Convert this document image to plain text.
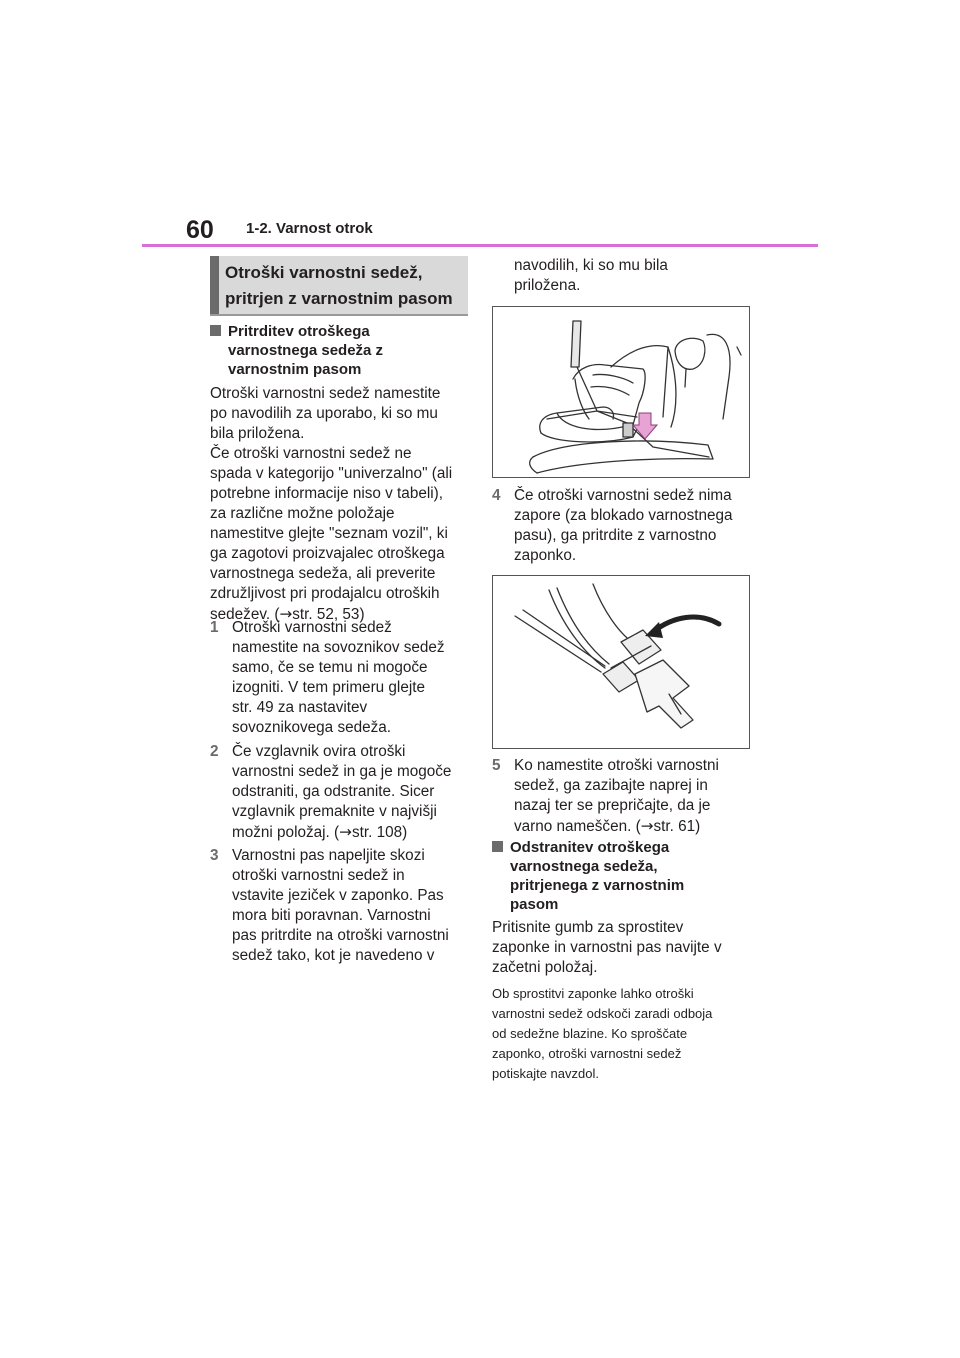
60 1-2. Varnost otrok
Otroški varnostni sedež,
pritrjen z varnostnim pasom
Pritrditev otroškega
varnostnega sedeža z
varnostnim pasom
Otroški varnostni sedež namestite
po navodilih za uporabo, ki so mu
bila priložena.
Če otroški varnostni sedež ne
spada v kategorijo "univerzalno" (ali
potrebne informacije niso v tabeli),
za različne možne položaje
namestitve glejte "seznam vozil", ki
ga zagotovi proizvajalec otroškega
varnostnega sedeža, ali preverite
združljivost pri prodajalcu otroških
sedežev. (→str. 52, 53)
1 Otroški varnostni sedež
namestite na sovoznikov sedež
samo, če se temu ni mogoče
izogniti. V tem primeru glejte
str. 49 za nastavitev
sovoznikovega sedeža.
2 Če vzglavnik ovira otroški
varnostni sedež in ga je mogoče
odstraniti, ga odstranite. Sicer
vzglavnik premaknite v najvišji
možni položaj. (→str. 108)
3 Varnostni pas napeljite skozi
otroški varnostni sedež in
vstavite jeziček v zaponko. Pas
mora biti poravnan. Varnostni
pas pritrdite na otroški varnostni
sedež tako, kot je navedeno v
navodilih, ki so mu bila
priložena.
4 Če otroški varnostni sedež nima
zapore (za blokado varnostnega
pasu), ga pritrdite z varnostno
zaponko.
5 Ko namestite otroški varnostni
sedež, ga zazibajte naprej in
nazaj ter se prepričajte, da je
varno nameščen. (→str. 61)
Odstranitev otroškega
varnostnega sedeža,
pritrjenega z varnostnim
pasom
Pritisnite gumb za sprostitev
zaponke in varnostni pas navijte v
začetni položaj.
Ob sprostitvi zaponke lahko otroški
varnostni sedež odskoči zaradi odboja
od sedežne blazine. Ko sproščate
zaponko, otroški varnostni sedež
potiskajte navzdol.
